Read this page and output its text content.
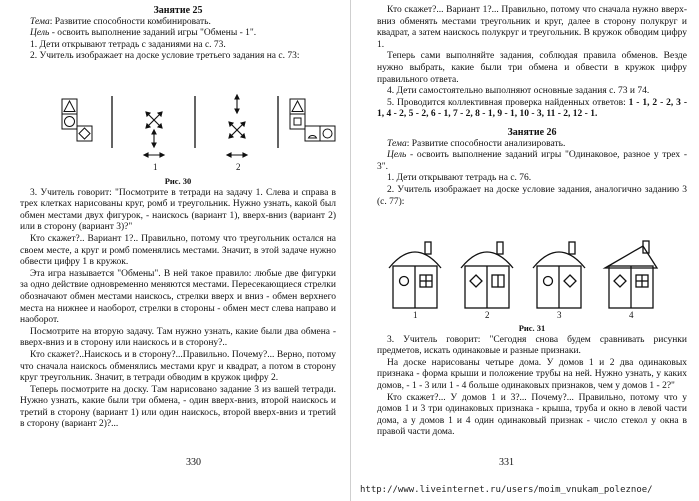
Занятие 25

Тема: Развитие способности комбинировать.

Цель - освоить выполнение заданий игры "Обмены - 1".

1. Дети открывают тетрадь с заданиями на с. 73.

2. Учитель изображает на доске условие третьего задания на с. 73:

1	2

Рис. 30

3. Учитель говорит: "Посмотрите в тетради на задачу 1. Слева и справа в трех клетках нарисованы круг, ромб и треугольник. Нужно узнать, какой был обмен местами двух фигурок, - наискось (вариант 1), вверх-вниз (вариант 2) или в сторону (вариант 3)?"

Кто скажет?.. Вариант 1?.. Правильно, потому что треугольник остался на своем месте, а круг и ромб поменялись местами. Значит, в этой задаче нужно обвести цифру 1 в кружок.

Эта игра называется "Обмены". В ней такое правило: любые две фигурки за одно действие одновременно меняются местами. Пересекающиеся стрелки обозначают обмен местами наискось, стрелки вверх и вниз - обмен верхнего места на нижнее и наоборот, стрелки в стороны - обмен мест слева направо и наоборот.

Посмотрите на вторую задачу. Там нужно узнать, какие были два обмена - вверх-вниз и в сторону или наискось и в сторону?..

Кто скажет?..Наискось и в сторону?...Правильно. Почему?... Верно, потому что сначала наискось обменялись местами круг и квадрат, а потом в сторону круг треугольник. Значит, в тетради обводим в кружок цифру 2.

Теперь посмотрите на доску. Там нарисовано задание 3 из вашей тетради. Нужно узнать, какие были три обмена, - один вверх-вниз, второй наискось и третий в сторону (вариант 1) или один наискось, второй вверх-вниз и третий в сторону (вариант 2)?...

330

Кто скажет?... Вариант 1?... Правильно, потому что сначала нужно вверх-вниз обменять местами треугольник и круг, далее в сторону полукруг и квадрат, а затем наискось полукруг и треугольник. В кружок обводим цифру 1.

Теперь сами выполняйте задания, соблюдая правила обменов. Везде нужно выбрать, какие были три обмена и обвести в кружок цифру правильного ответа.

4. Дети самостоятельно выполняют основные задания с. 73 и 74.

5. Проводится коллективная проверка найденных ответов: 1 - 1, 2 - 2, 3 - 1, 4 - 2, 5 - 2, 6 - 1, 7 - 2, 8 - 1, 9 - 1, 10 - 3, 11 - 2, 12 - 1.

Занятие 26

Тема: Развитие способности анализировать.

Цель - освоить выполнение заданий игры "Одинаковое, разное у трех - 3".

1. Дети открывают тетрадь на с. 76.

2. Учитель изображает на доске условие задания, аналогично заданию 3 (с. 77):

1	2	3	4

Рис. 31

3. Учитель говорит: "Сегодня снова будем сравнивать рисунки предметов, искать одинаковые и разные признаки.

На доске нарисованы четыре дома. У домов 1 и 2 два одинаковых признака - форма крыши и положение трубы на ней. Нужно узнать, у каких домов, - 1 - 3 или 1 - 4 больше одинаковых признаков, чем у домов 1 - 2?"

Кто скажет?... У домов 1 и 3?... Почему?... Правильно, потому что у домов 1 и 3 три одинаковых признака - крыша, труба и окно в левой части дома, а у домов 1 и 4 один одинаковый признак - число стекол у окна в правой части дома.

331
http://www.liveinternet.ru/users/moim_vnukam_poleznoe/
